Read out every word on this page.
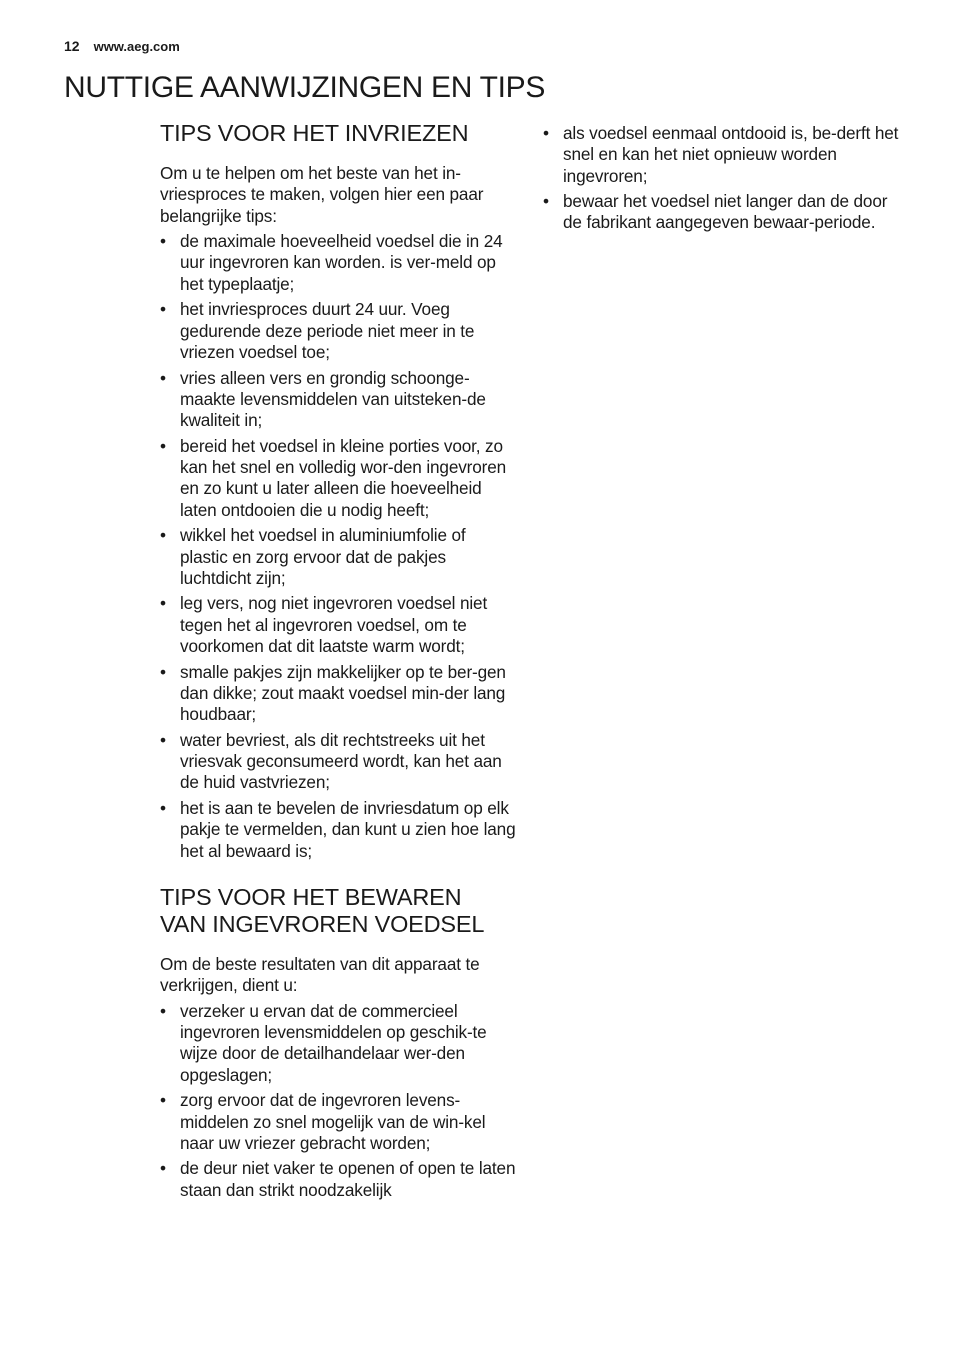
12 www.aeg.com
NUTTIGE AANWIJZINGEN EN TIPS
TIPS VOOR HET INVRIEZEN

Om u te helpen om het beste van het in-vriesproces te maken, volgen hier een paar belangrijke tips:

• de maximale hoeveelheid voedsel die in 24 uur ingevroren kan worden. is ver-meld op het typeplaatje;
• het invriesproces duurt 24 uur. Voeg gedurende deze periode niet meer in te vriezen voedsel toe;
• vries alleen vers en grondig schoonge-maakte levensmiddelen van uitsteken-de kwaliteit in;
• bereid het voedsel in kleine porties voor, zo kan het snel en volledig wor-den ingevroren en zo kunt u later alleen die hoeveelheid laten ontdooien die u nodig heeft;
• wikkel het voedsel in aluminiumfolie of plastic en zorg ervoor dat de pakjes luchtdicht zijn;
• leg vers, nog niet ingevroren voedsel niet tegen het al ingevroren voedsel, om te voorkomen dat dit laatste warm wordt;
• smalle pakjes zijn makkelijker op te ber-gen dan dikke; zout maakt voedsel min-der lang houdbaar;
• water bevriest, als dit rechtstreeks uit het vriesvak geconsumeerd wordt, kan het aan de huid vastvriezen;
• het is aan te bevelen de invriesdatum op elk pakje te vermelden, dan kunt u zien hoe lang het al bewaard is;
TIPS VOOR HET BEWAREN
VAN INGEVROREN VOEDSEL

Om de beste resultaten van dit apparaat te verkrijgen, dient u:

• verzeker u ervan dat de commercieel ingevroren levensmiddelen op geschik-te wijze door de detailhandelaar wer-den opgeslagen;
• zorg ervoor dat de ingevroren levens-middelen zo snel mogelijk van de win-kel naar uw vriezer gebracht worden;
• de deur niet vaker te openen of open te laten staan dan strikt noodzakelijk
• als voedsel eenmaal ontdooid is, be-derft het snel en kan het niet opnieuw worden ingevroren;
• bewaar het voedsel niet langer dan de door de fabrikant aangegeven bewaar-periode.
